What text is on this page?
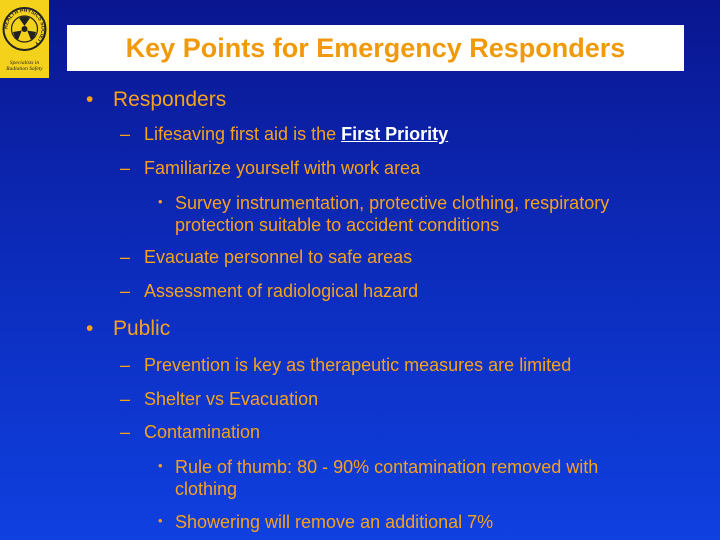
HEALTH PHYSICS SOCIETY
Specialists in
Radiation Safety
Key Points for Emergency Responders
• Responders
– Lifesaving first aid is the First Priority
– Familiarize yourself with work area
• Survey instrumentation, protective clothing, respiratory
protection suitable to accident conditions
– Evacuate personnel to safe areas
– Assessment of radiological hazard
• Public
– Prevention is key as therapeutic measures are limited
– Shelter vs Evacuation
– Contamination
• Rule of thumb: 80 - 90% contamination removed with
clothing
• Showering will remove an additional 7%
